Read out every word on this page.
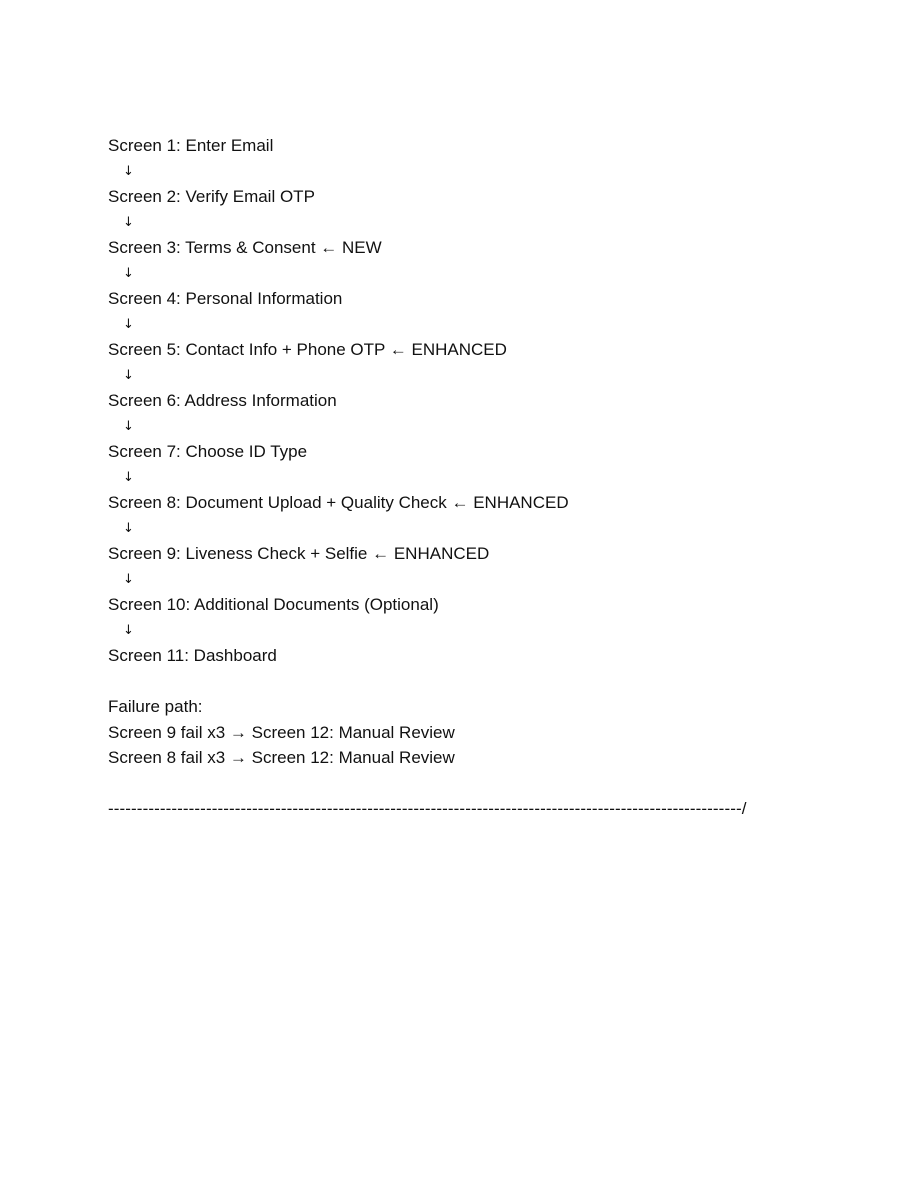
Screen 1: Enter Email
↓
Screen 2: Verify Email OTP
↓
Screen 3: Terms & Consent ← NEW
↓
Screen 4: Personal Information
↓
Screen 5: Contact Info + Phone OTP ← ENHANCED
↓
Screen 6: Address Information
↓
Screen 7: Choose ID Type
↓
Screen 8: Document Upload + Quality Check ← ENHANCED
↓
Screen 9: Liveness Check + Selfie ← ENHANCED
↓
Screen 10: Additional Documents (Optional)
↓
Screen 11: Dashboard
Failure path:
Screen 9 fail x3 → Screen 12: Manual Review
Screen 8 fail x3 → Screen 12: Manual Review
--------------------------------------------------------------------------------------------------------------/
